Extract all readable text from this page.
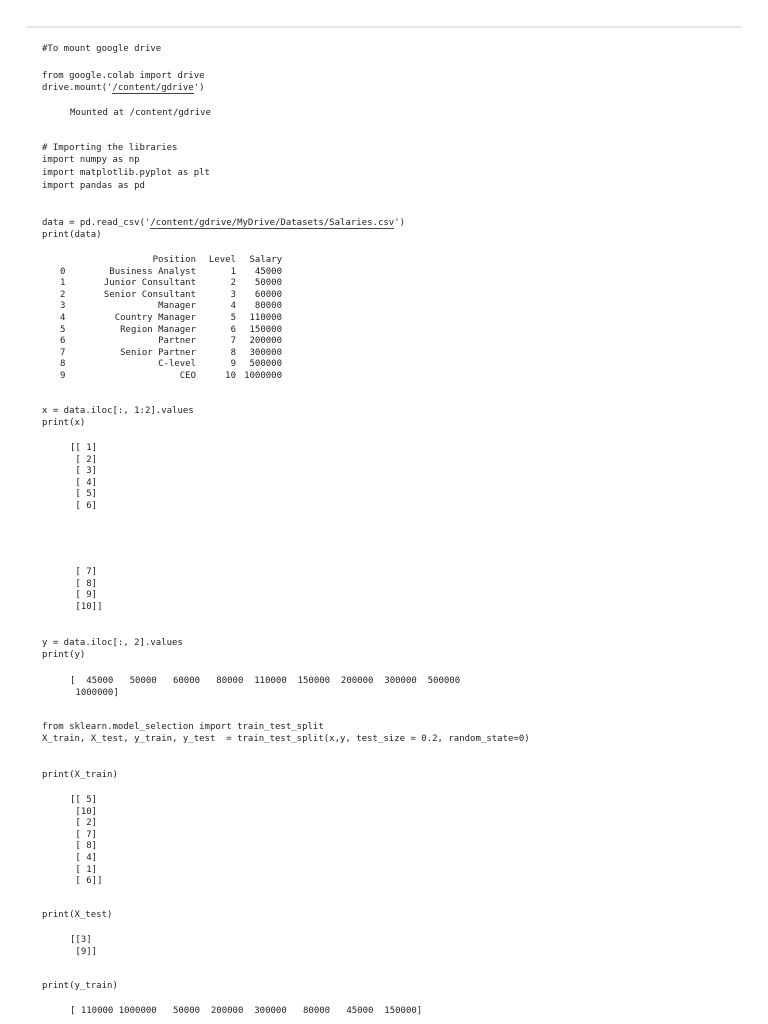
#To mount google drive
from google.colab import drive
drive.mount('/content/gdrive')
Mounted at /content/gdrive
# Importing the libraries
import numpy as np
import matplotlib.pyplot as plt
import pandas as pd
data = pd.read_csv('/content/gdrive/MyDrive/Datasets/Salaries.csv')
print(data)
	Position	Level	Salary
0	Business Analyst	1	45000
1	Junior Consultant	2	50000
2	Senior Consultant	3	60000
3	Manager	4	80000
4	Country Manager	5	110000
5	Region Manager	6	150000
6	Partner	7	200000
7	Senior Partner	8	300000
8	C-level	9	500000
9	CEO	10	1000000
x = data.iloc[:, 1:2].values
print(x)
[[ 1]
[ 2]
[ 3]
[ 4]
[ 5]
[ 6]
[ 7]
[ 8]
[ 9]
[10]]
y = data.iloc[:, 2].values
print(y)
[  45000   50000   60000   80000  110000  150000  200000  300000  500000
1000000]
from sklearn.model_selection import train_test_split
X_train, X_test, y_train, y_test  = train_test_split(x,y, test_size = 0.2, random_state=0)
print(X_train)
[[ 5]
[10]
[ 2]
[ 7]
[ 8]
[ 4]
[ 1]
[ 6]]
print(X_test)
[[3]
[9]]
print(y_train)
[ 110000 1000000   50000  200000  300000   80000   45000  150000]
